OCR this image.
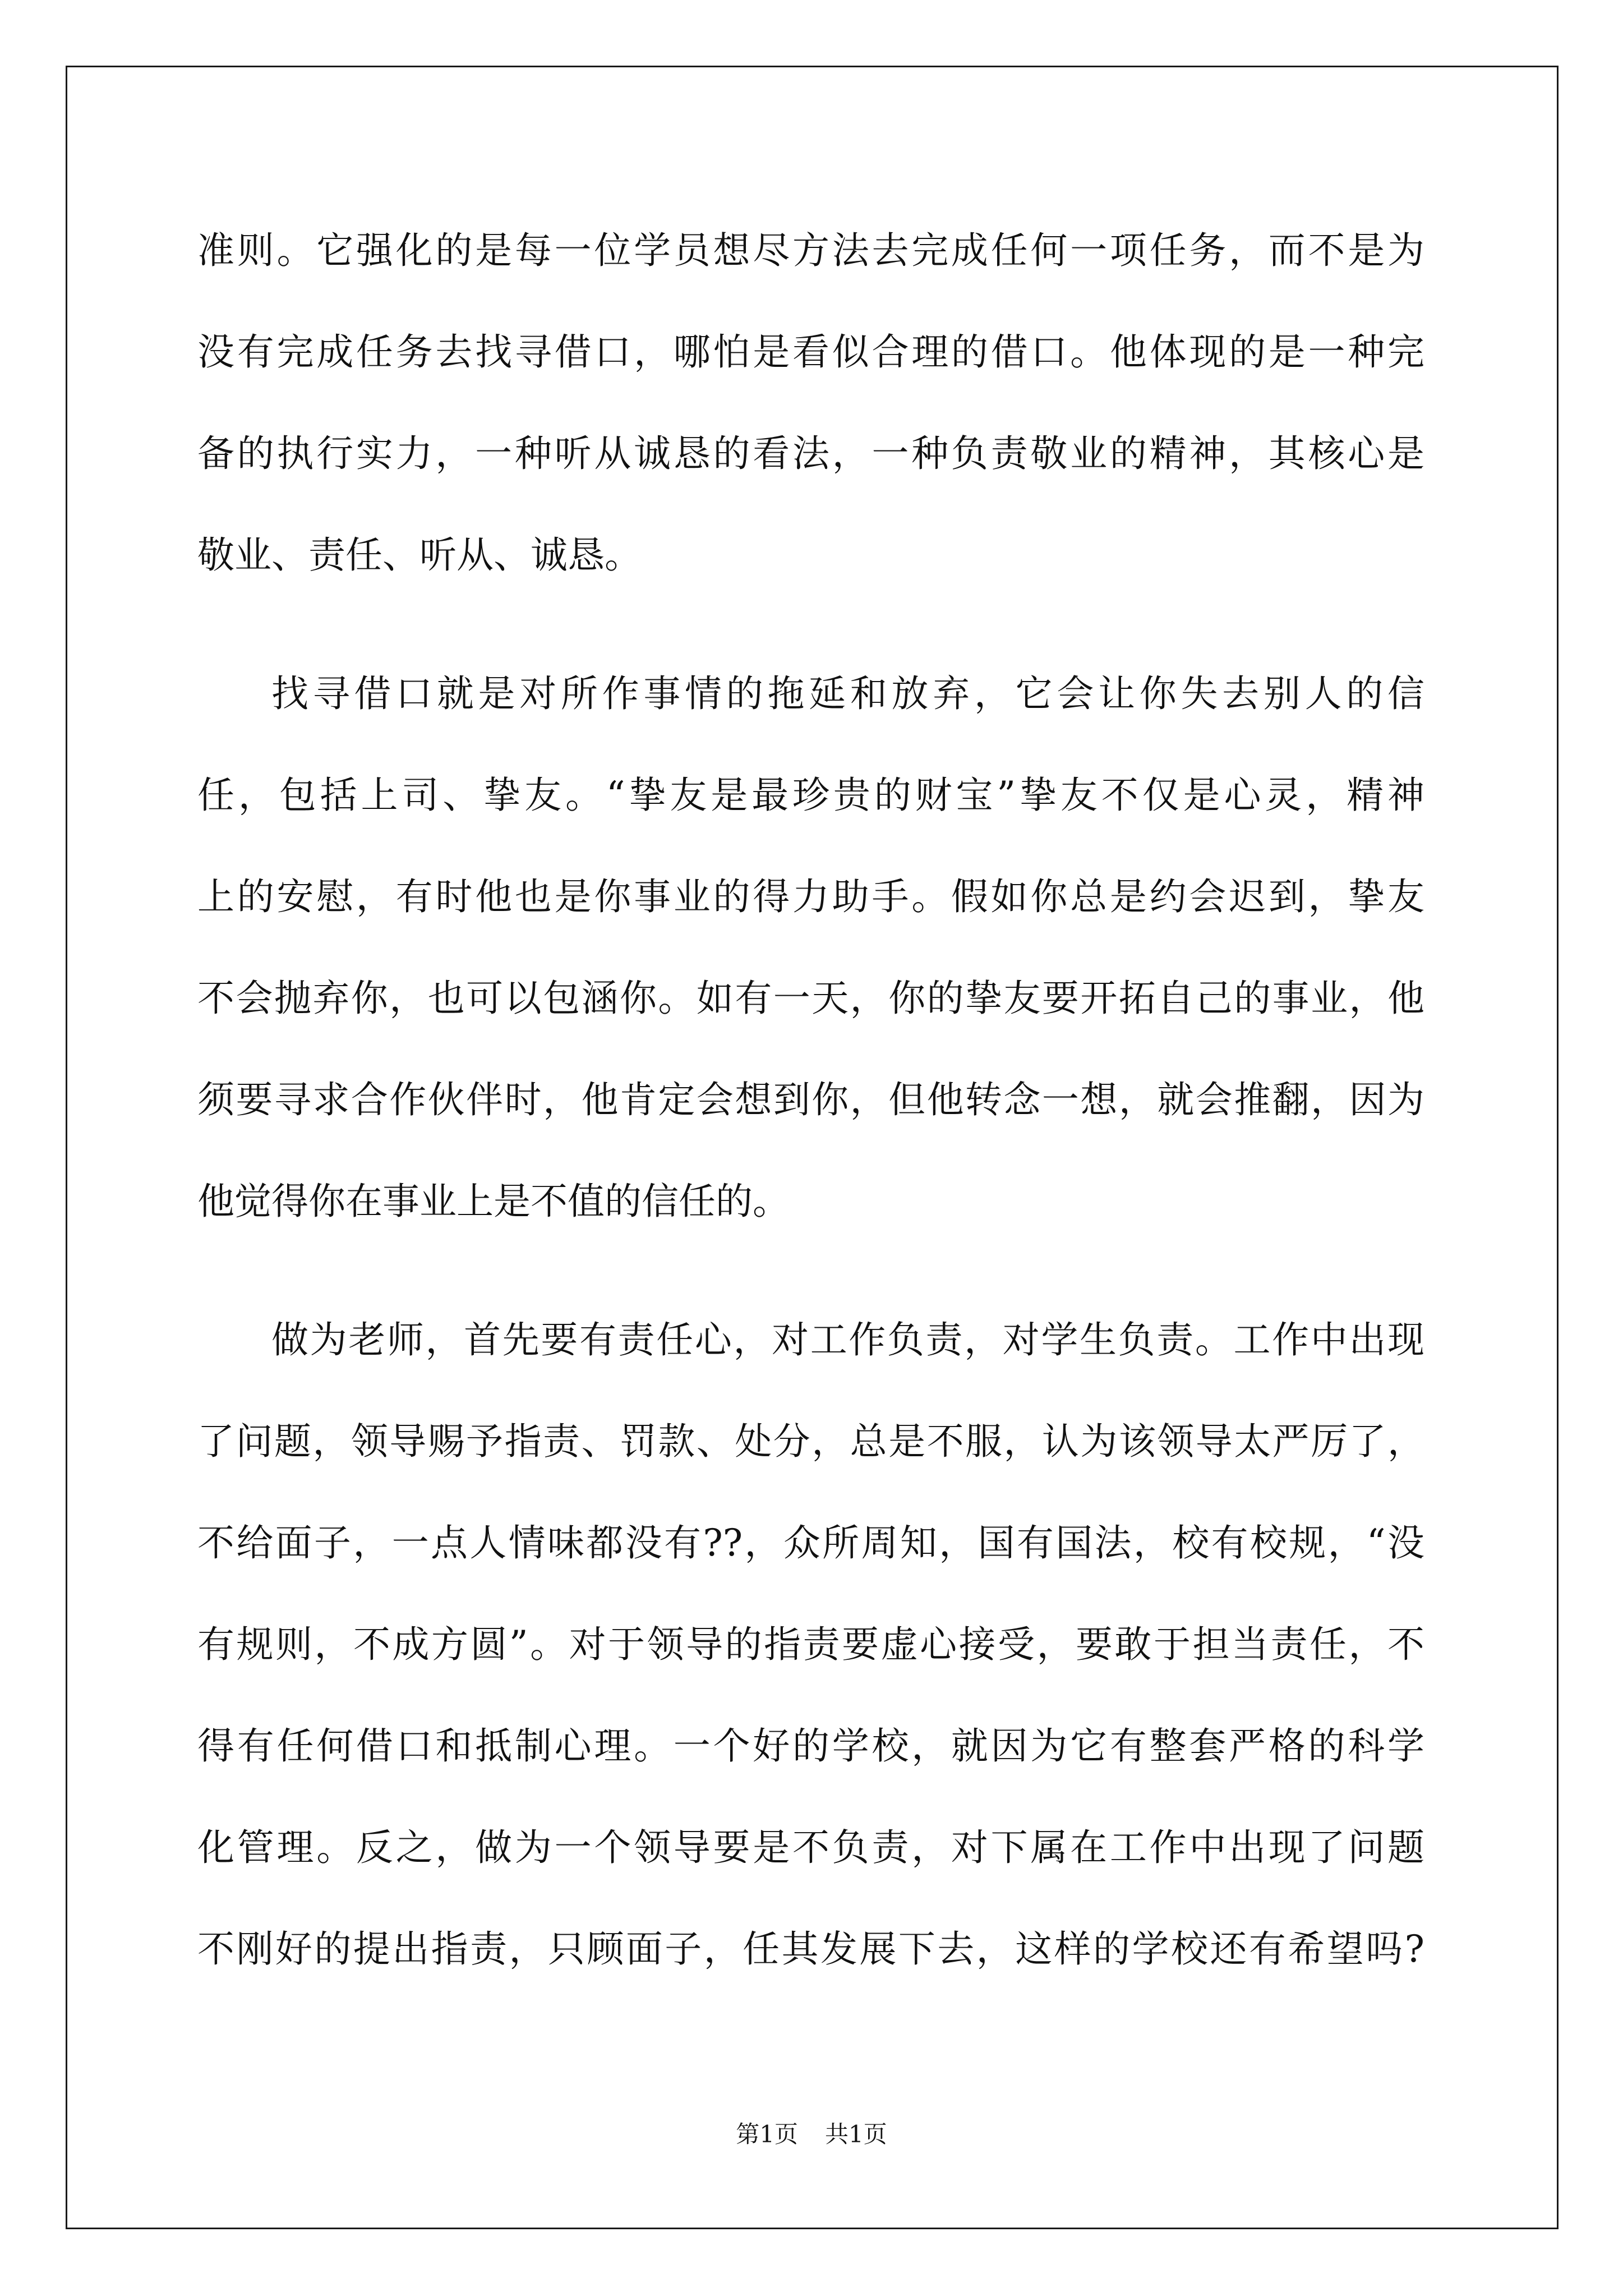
准则。它强化的是每一位学员想尽方法去完成任何一项任务，而不是为
没有完成任务去找寻借口，哪怕是看似合理的借口。他体现的是一种完
备的执行实力，一种听从诚恳的看法，一种负责敬业的精神，其核心是
敬业、责任、听从、诚恳。
找寻借口就是对所作事情的拖延和放弃，它会让你失去别人的信
任，包括上司、挚友。“挚友是最珍贵的财宝”挚友不仅是心灵，精神
上的安慰，有时他也是你事业的得力助手。假如你总是约会迟到，挚友
不会抛弃你，也可以包涵你。如有一天，你的挚友要开拓自己的事业，他
须要寻求合作伙伴时，他肯定会想到你，但他转念一想，就会推翻，因为
他觉得你在事业上是不值的信任的。
做为老师，首先要有责任心，对工作负责，对学生负责。工作中出现
了问题，领导赐予指责、罚款、处分，总是不服，认为该领导太严厉了，
不给面子，一点人情味都没有??，众所周知，国有国法，校有校规，“没
有规则，不成方圆”。对于领导的指责要虚心接受，要敢于担当责任，不
得有任何借口和抵制心理。一个好的学校，就因为它有整套严格的科学
化管理。反之，做为一个领导要是不负责，对下属在工作中出现了问题
不刚好的提出指责，只顾面子，任其发展下去，这样的学校还有希望吗?
第1页 共1页
